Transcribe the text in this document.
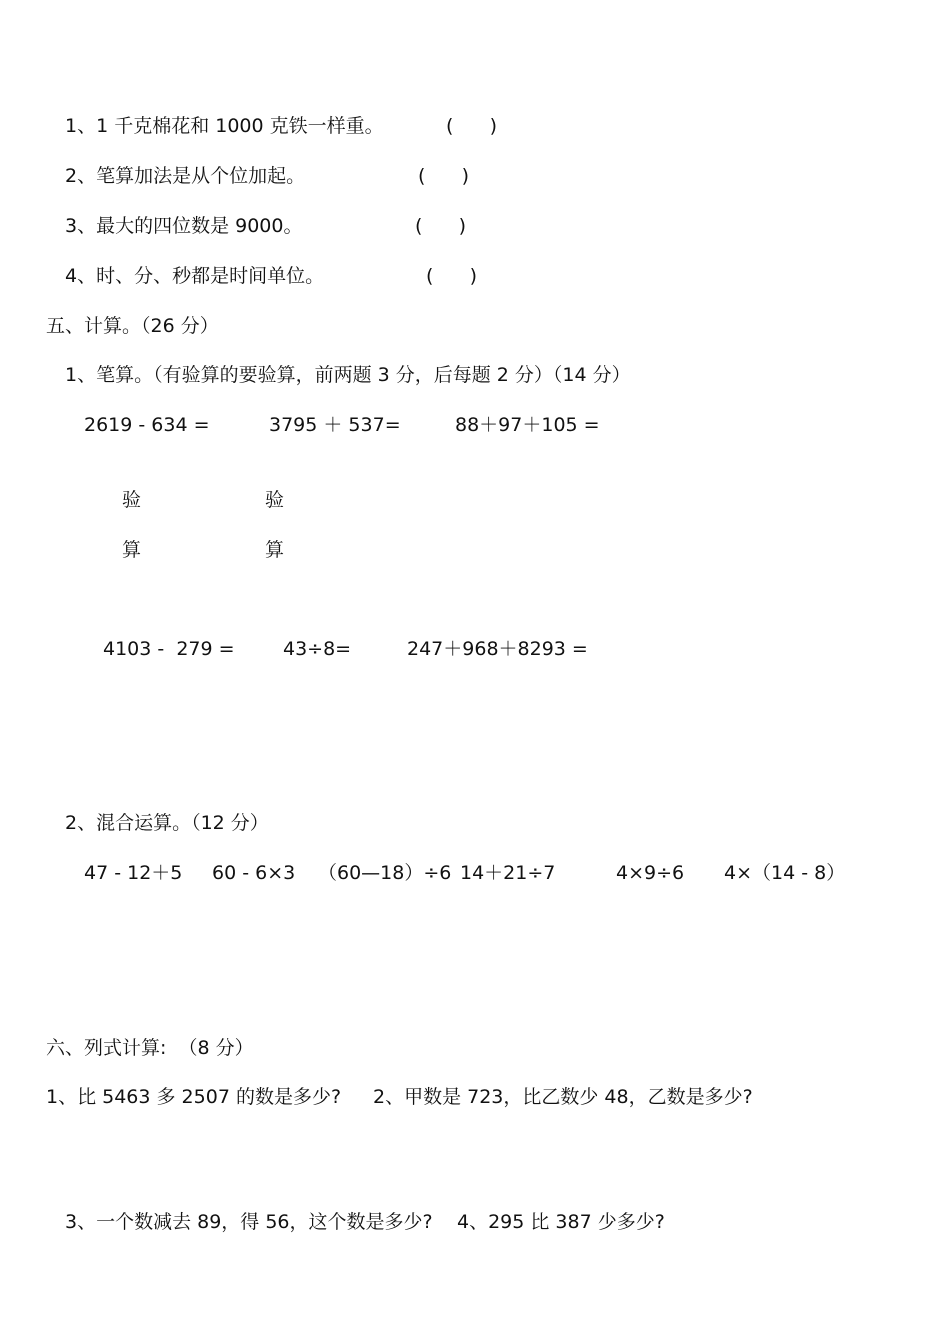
1、1 千克棉花和 1000 克铁一样重。	(      )
2、笔算加法是从个位加起。	(      )
3、最大的四位数是 9000。	(      )
4、时、分、秒都是时间单位。	(      )
五、计算。（26 分）
1、笔算。（有验算的要验算，前两题 3 分，后每题 2 分）（14 分）
2619 - 634 =	3795 ＋ 537=	88＋97＋105 =
验	验
算	算
4103 -  279 =	43÷8=	247＋968＋8293 =
2、混合运算。（12 分）
47 - 12＋5 60 - 6×3 （60—18）÷6 14＋21÷7	4×9÷6 4×（14 - 8）
六、列式计算:  （8 分）
1、比 5463 多 2507 的数是多少? 2、甲数是 723，比乙数少 48，乙数是多少?
3、一个数减去 89，得 56，这个数是多少? 4、295 比 387 少多少?
